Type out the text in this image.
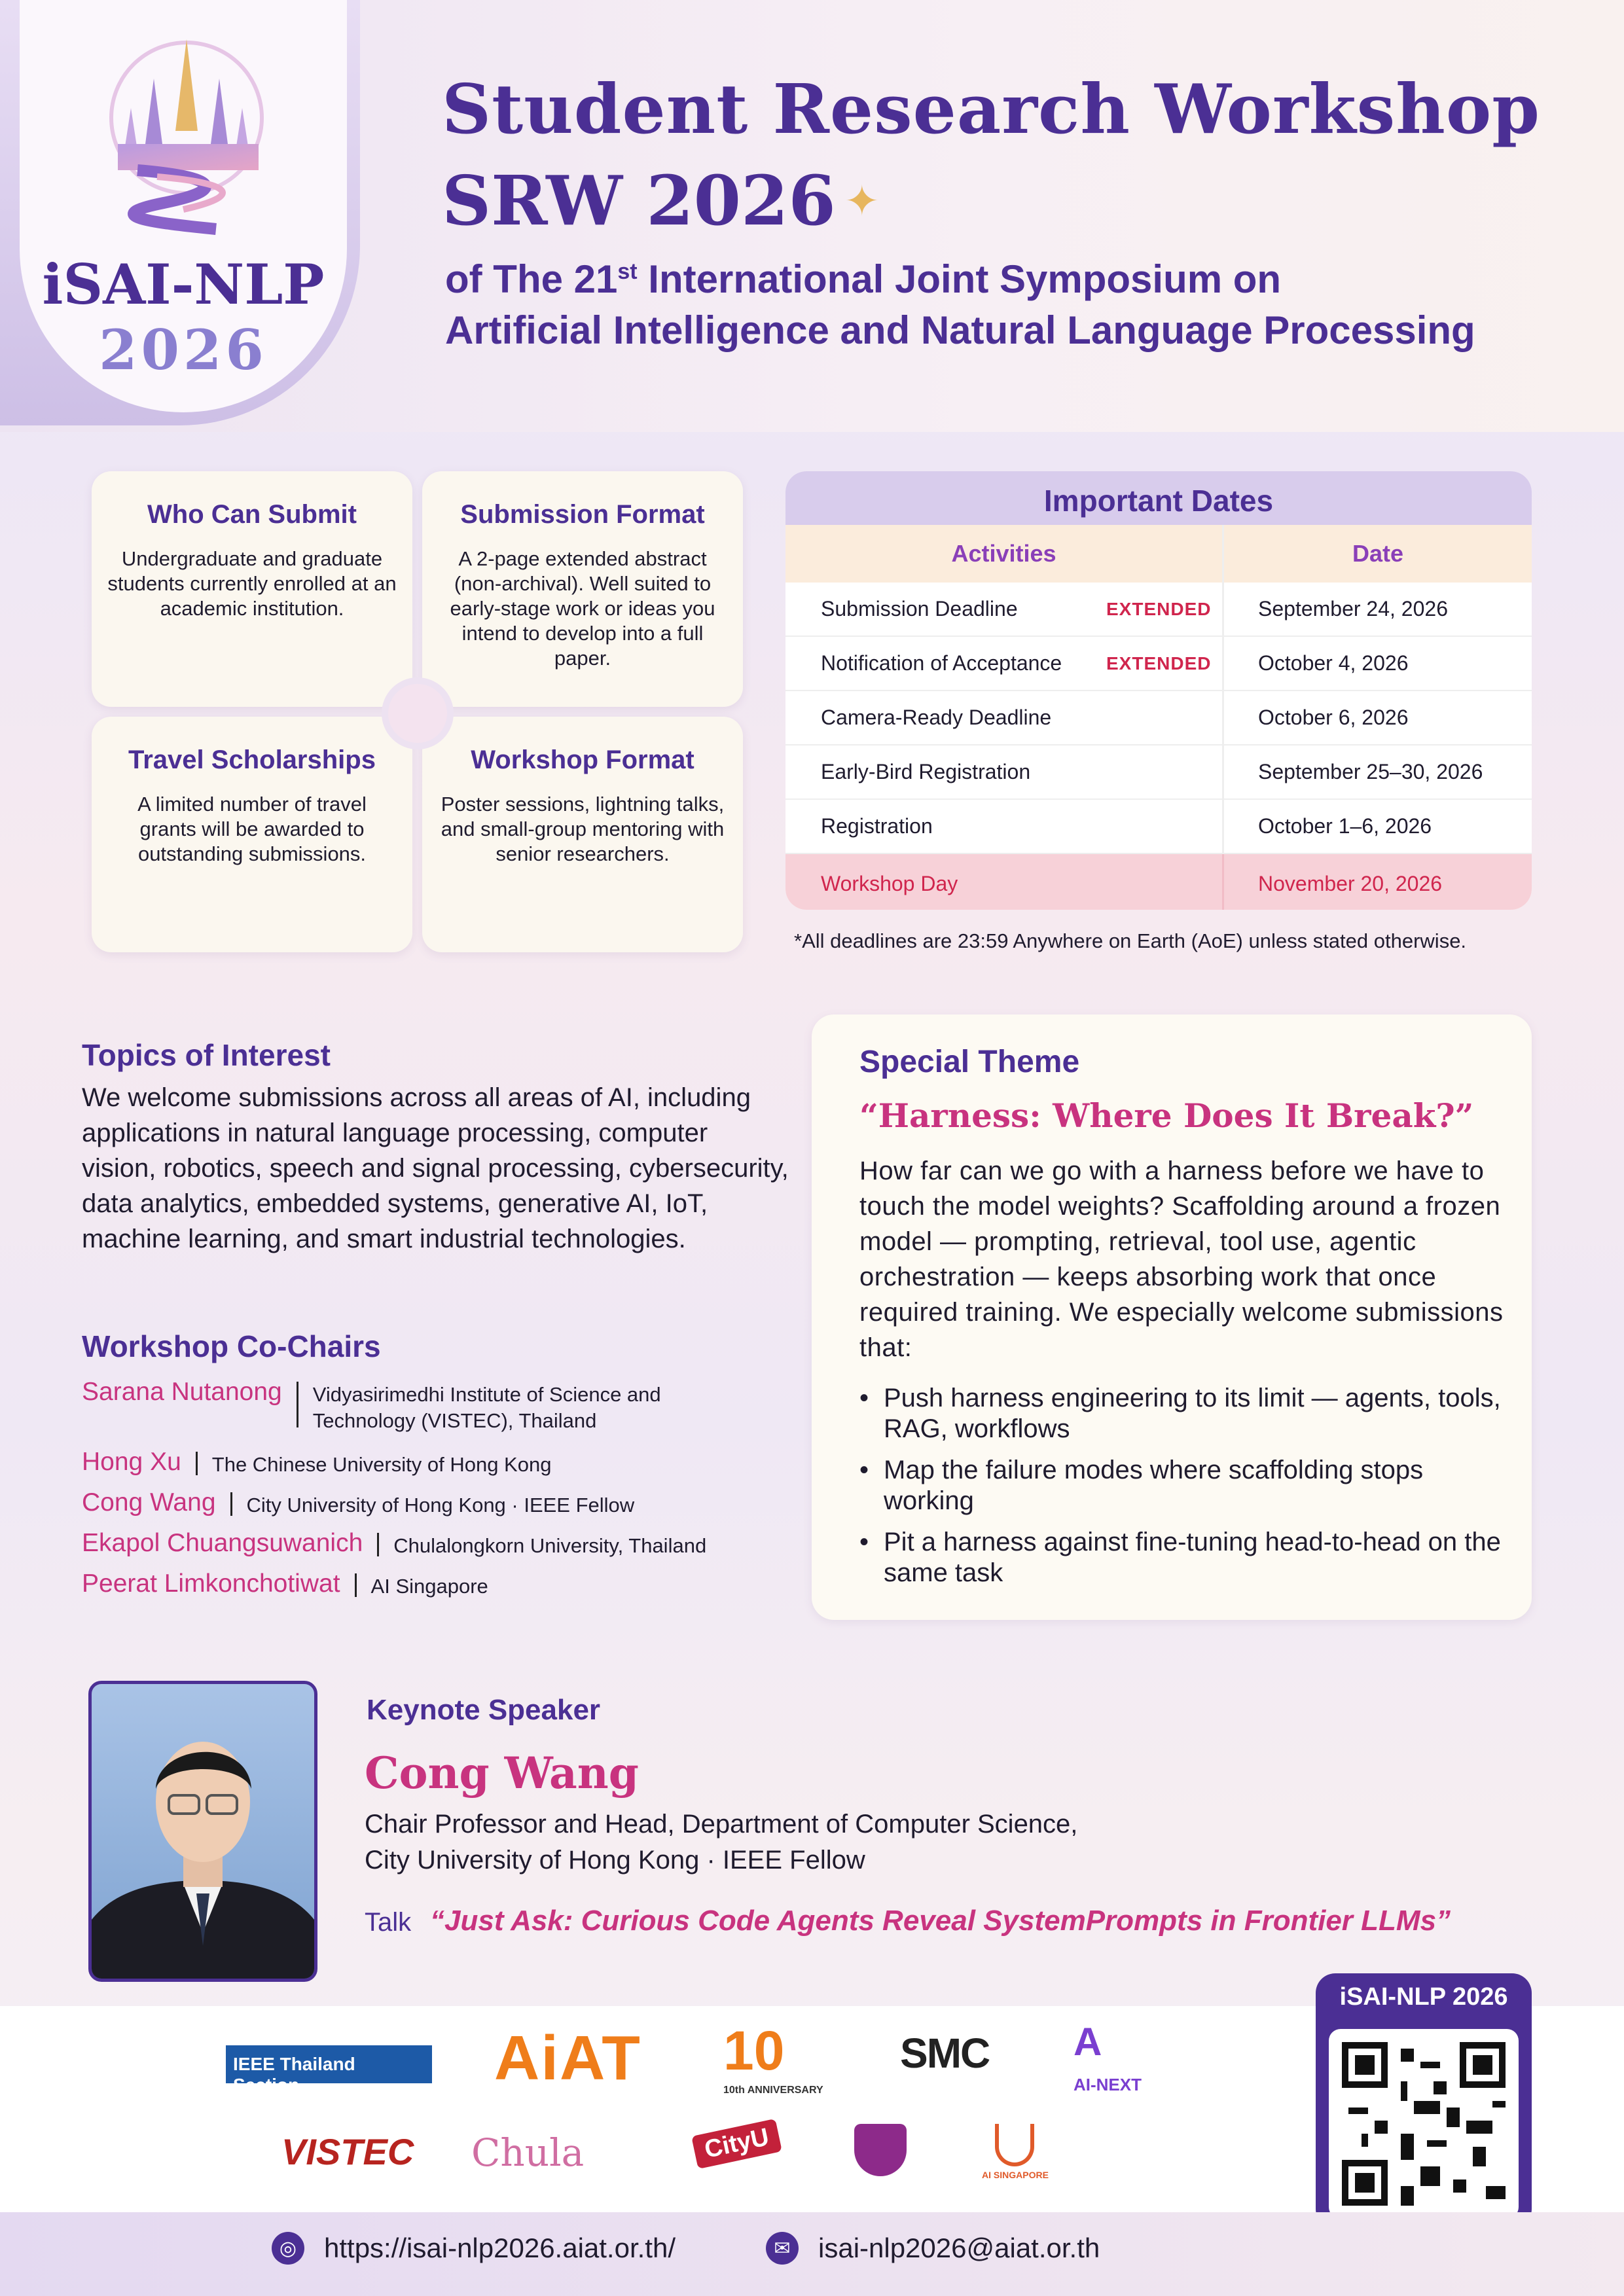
iSAI-NLP
2026
Student Research Workshop
SRW 2026 ✦
of The 21st International Joint Symposium on
Artificial Intelligence and Natural Language Processing
Who Can Submit

Undergraduate and graduate students currently enrolled at an academic institution.

Submission Format

A 2-page extended abstract (non-archival). Well suited to early-stage work or ideas you intend to develop into a full paper.

Travel Scholarships

A limited number of travel grants will be awarded to outstanding submissions.

Workshop Format

Poster sessions, lightning talks, and small-group mentoring with senior researchers.

Important Dates
Activities	Date
Submission Deadline	EXTENDED	September 24, 2026
Notification of Acceptance EXTENDED	October 4, 2026
Camera-Ready Deadline	October 6, 2026
Early-Bird Registration	September 25–30, 2026
Registration	October 1–6, 2026
Workshop Day	November 20, 2026
*All deadlines are 23:59 Anywhere on Earth (AoE) unless stated otherwise.
Topics of Interest
We welcome submissions across all areas of AI, including applications in natural language processing, computer vision, robotics, speech and signal processing, cybersecurity, data analytics, embedded systems, generative AI, IoT, machine learning, and smart industrial technologies.
Workshop Co-Chairs
Sarana Nutanong Vidyasirimedhi Institute of Science and Technology (VISTEC), Thailand
Hong Xu The Chinese University of Hong Kong
Cong Wang City University of Hong Kong · IEEE Fellow
Ekapol Chuangsuwanich Chulalongkorn University, Thailand
Peerat Limkonchotiwat AI Singapore
Special Theme
“Harness: Where Does It Break?”
How far can we go with a harness before we have to touch the model weights? Scaffolding around a frozen model — prompting, retrieval, tool use, agentic orchestration — keeps absorbing work that once required training. We especially welcome submissions that:
• Push harness engineering to its limit — agents, tools, RAG, workflows
• Map the failure modes where scaffolding stops working
• Pit a harness against fine-tuning head-to-head on the same task
Keynote Speaker
Cong Wang
Chair Professor and Head, Department of Computer Science,
City University of Hong Kong · IEEE Fellow
Talk “Just Ask: Curious Code Agents Reveal SystemPrompts in Frontier LLMs”
IEEE Thailand Section	AiAT 10
10th ANNIVERSARY
SMC A
AI-NEXT
VISTEC Chula	CityU
AI SINGAPORE
iSAI-NLP 2026
◎ https://isai-nlp2026.aiat.or.th/	✉ isai-nlp2026@aiat.or.th
